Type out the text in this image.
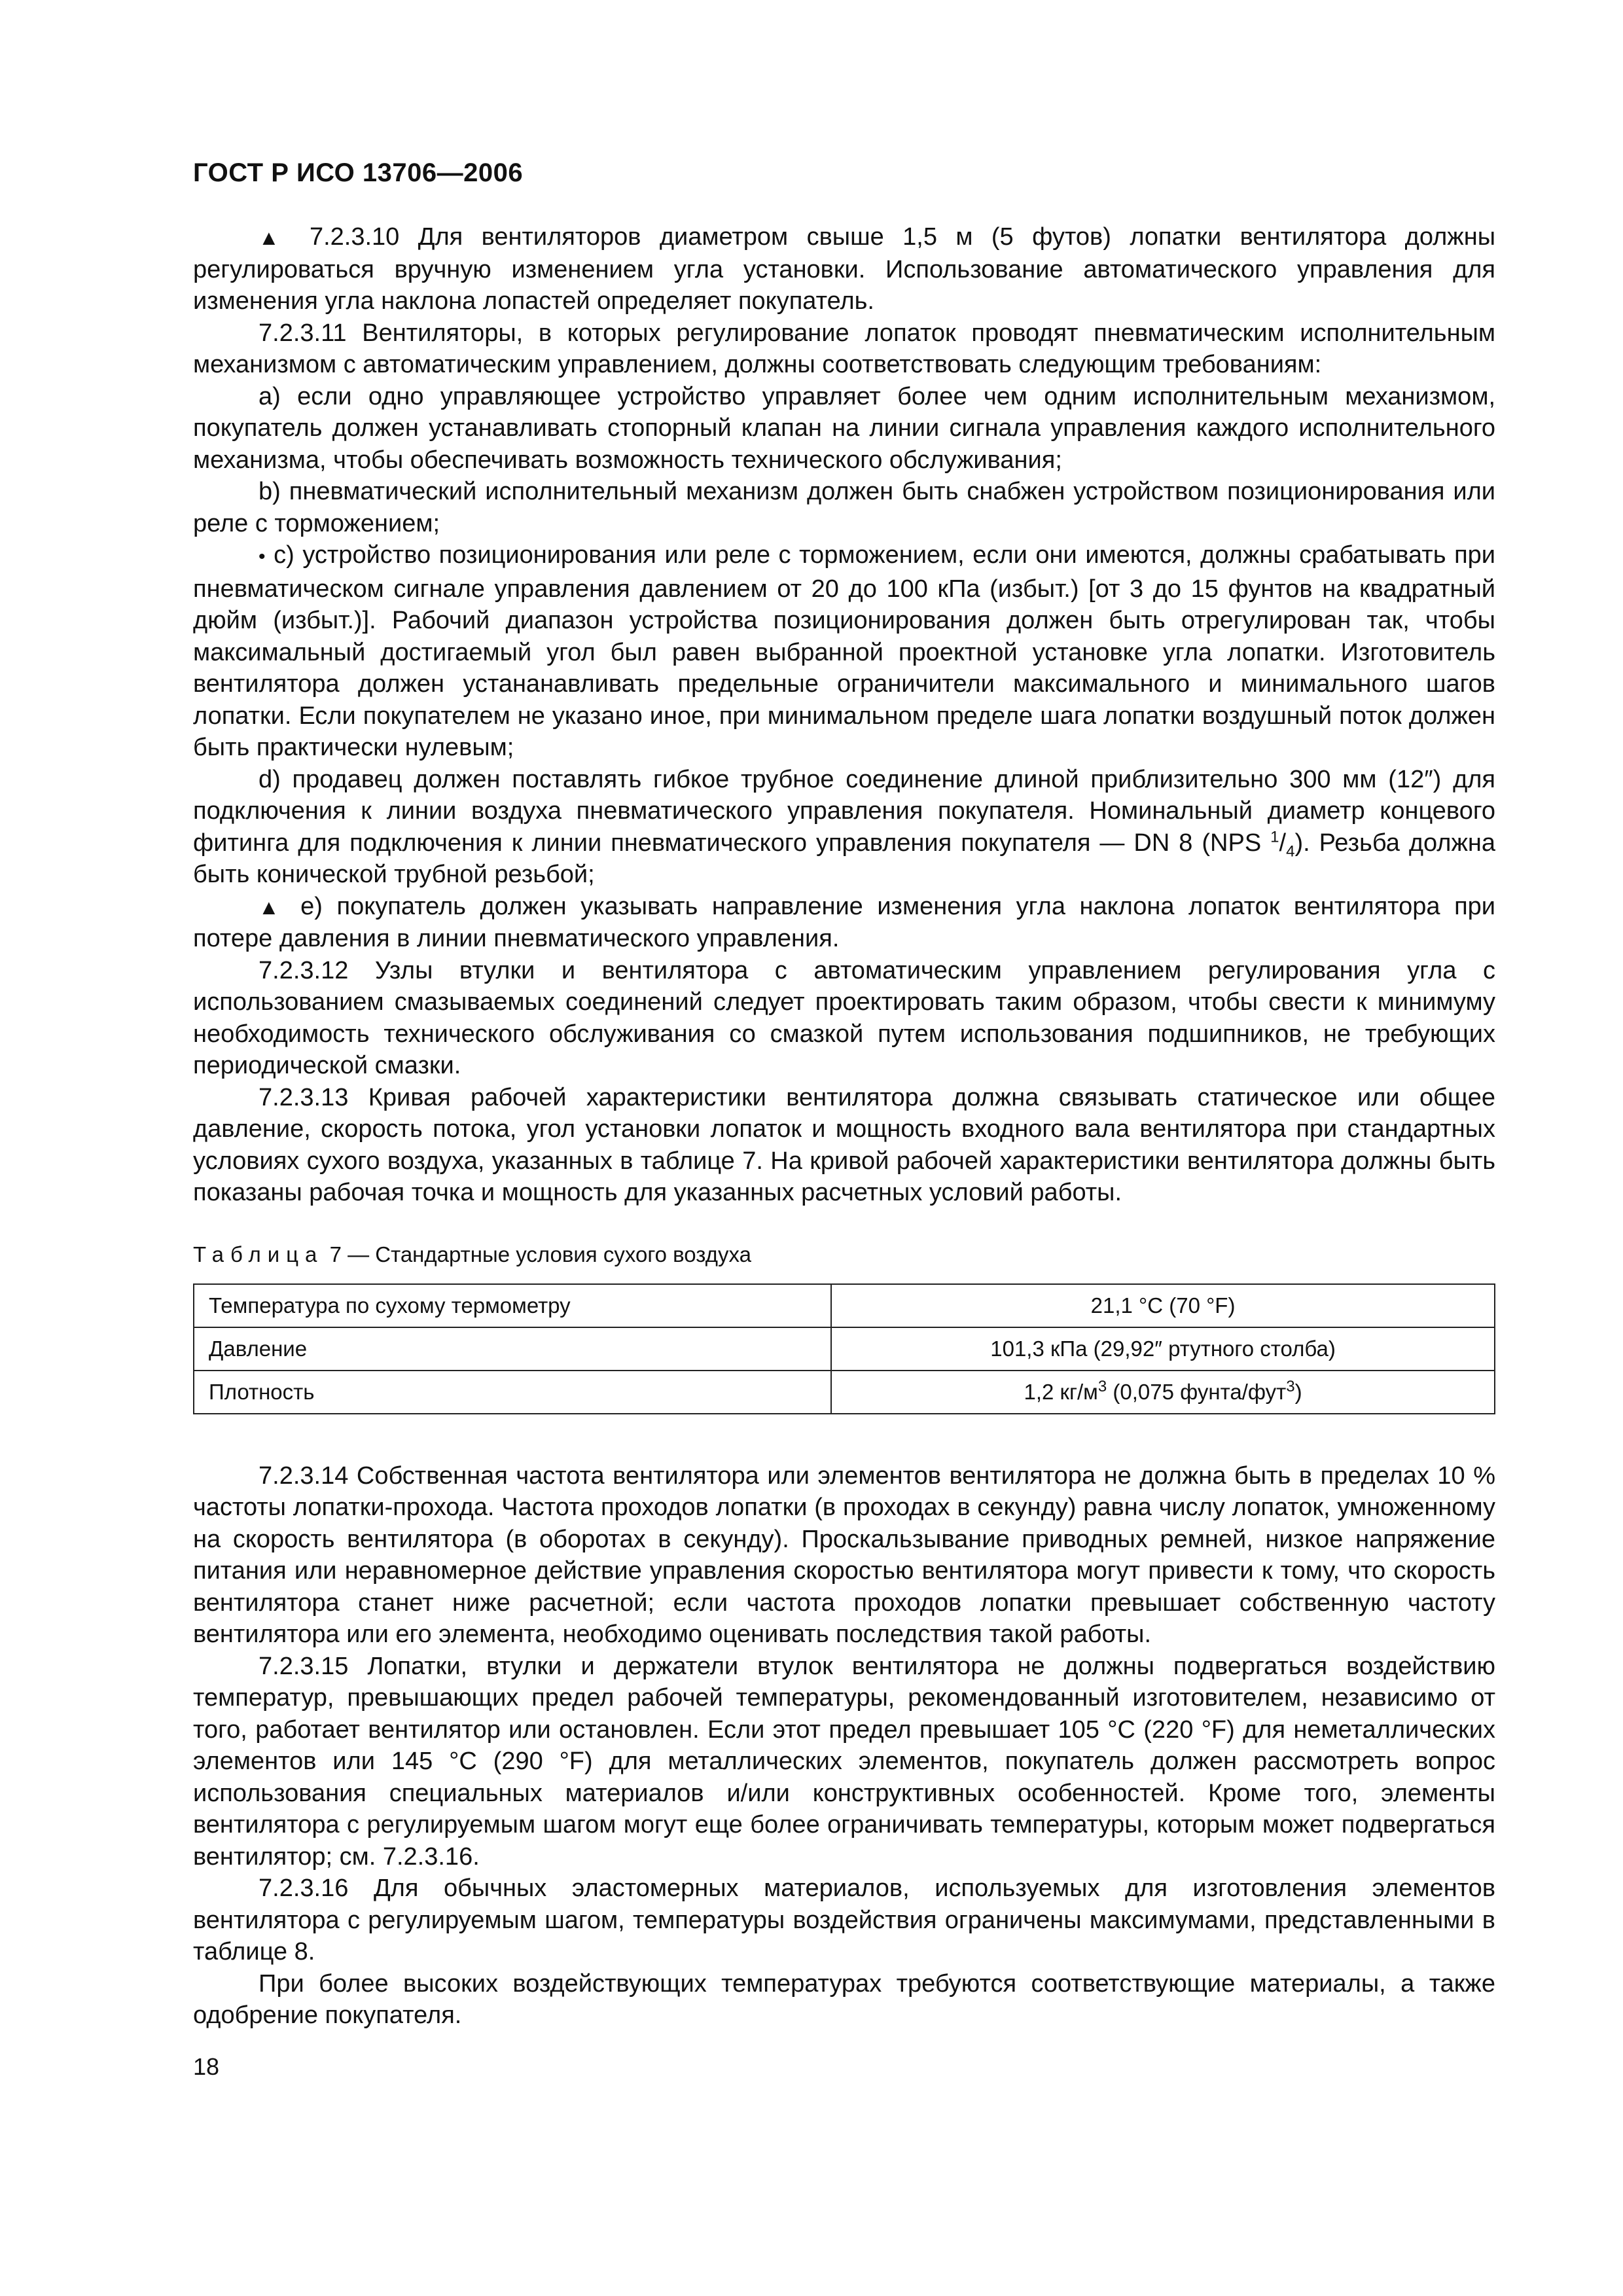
ГОСТ Р ИСО 13706—2006

▲ 7.2.3.10 Для вентиляторов диаметром свыше 1,5 м (5 футов) лопатки вентилятора должны регулироваться вручную изменением угла установки. Использование автоматического управления для изменения угла наклона лопастей определяет покупатель.

7.2.3.11 Вентиляторы, в которых регулирование лопаток проводят пневматическим исполнительным механизмом с автоматическим управлением, должны соответствовать следующим требованиям:

a) если одно управляющее устройство управляет более чем одним исполнительным механизмом, покупатель должен устанавливать стопорный клапан на линии сигнала управления каждого исполнительного механизма, чтобы обеспечивать возможность технического обслуживания;

b) пневматический исполнительный механизм должен быть снабжен устройством позиционирования или реле с торможением;

• c) устройство позиционирования или реле с торможением, если они имеются, должны срабатывать при пневматическом сигнале управления давлением от 20 до 100 кПа (избыт.) [от 3 до 15 фунтов на квадратный дюйм (избыт.)]. Рабочий диапазон устройства позиционирования должен быть отрегулирован так, чтобы максимальный достигаемый угол был равен выбранной проектной установке угла лопатки. Изготовитель вентилятора должен устананавливать предельные ограничители максимального и минимального шагов лопатки. Если покупателем не указано иное, при минимальном пределе шага лопатки воздушный поток должен быть практически нулевым;

d) продавец должен поставлять гибкое трубное соединение длиной приблизительно 300 мм (12″) для подключения к линии воздуха пневматического управления покупателя. Номинальный диаметр концевого фитинга для подключения к линии пневматического управления покупателя — DN 8 (NPS $^1/_4$). Резьба должна быть конической трубной резьбой;

▲ e) покупатель должен указывать направление изменения угла наклона лопаток вентилятора при потере давления в линии пневматического управления.

7.2.3.12 Узлы втулки и вентилятора с автоматическим управлением регулирования угла с использованием смазываемых соединений следует проектировать таким образом, чтобы свести к минимуму необходимость технического обслуживания со смазкой путем использования подшипников, не требующих периодической смазки.

7.2.3.13 Кривая рабочей характеристики вентилятора должна связывать статическое или общее давление, скорость потока, угол установки лопаток и мощность входного вала вентилятора при стандартных условиях сухого воздуха, указанных в таблице 7. На кривой рабочей характеристики вентилятора должны быть показаны рабочая точка и мощность для указанных расчетных условий работы.

Таблица 7 — Стандартные условия сухого воздуха
Температура по сухому термометру	21,1 °С (70 °F)
Давление	101,3 кПа (29,92″ ртутного столба)
Плотность	1,2 $кг/м^3$ (0,075 фунта/фут$^3$)

7.2.3.14 Собственная частота вентилятора или элементов вентилятора не должна быть в пределах 10 % частоты лопатки-прохода. Частота проходов лопатки (в проходах в секунду) равна числу лопаток, умноженному на скорость вентилятора (в оборотах в секунду). Проскальзывание приводных ремней, низкое напряжение питания или неравномерное действие управления скоростью вентилятора могут привести к тому, что скорость вентилятора станет ниже расчетной; если частота проходов лопатки превышает собственную частоту вентилятора или его элемента, необходимо оценивать последствия такой работы.

7.2.3.15 Лопатки, втулки и держатели втулок вентилятора не должны подвергаться воздействию температур, превышающих предел рабочей температуры, рекомендованный изготовителем, независимо от того, работает вентилятор или остановлен. Если этот предел превышает 105 °С (220 °F) для неметаллических элементов или 145 °С (290 °F) для металлических элементов, покупатель должен рассмотреть вопрос использования специальных материалов и/или конструктивных особенностей. Кроме того, элементы вентилятора с регулируемым шагом могут еще более ограничивать температуры, которым может подвергаться вентилятор; см. 7.2.3.16.

7.2.3.16 Для обычных эластомерных материалов, используемых для изготовления элементов вентилятора с регулируемым шагом, температуры воздействия ограничены максимумами, представленными в таблице 8.

При более высоких воздействующих температурах требуются соответствующие материалы, а также одобрение покупателя.

18
